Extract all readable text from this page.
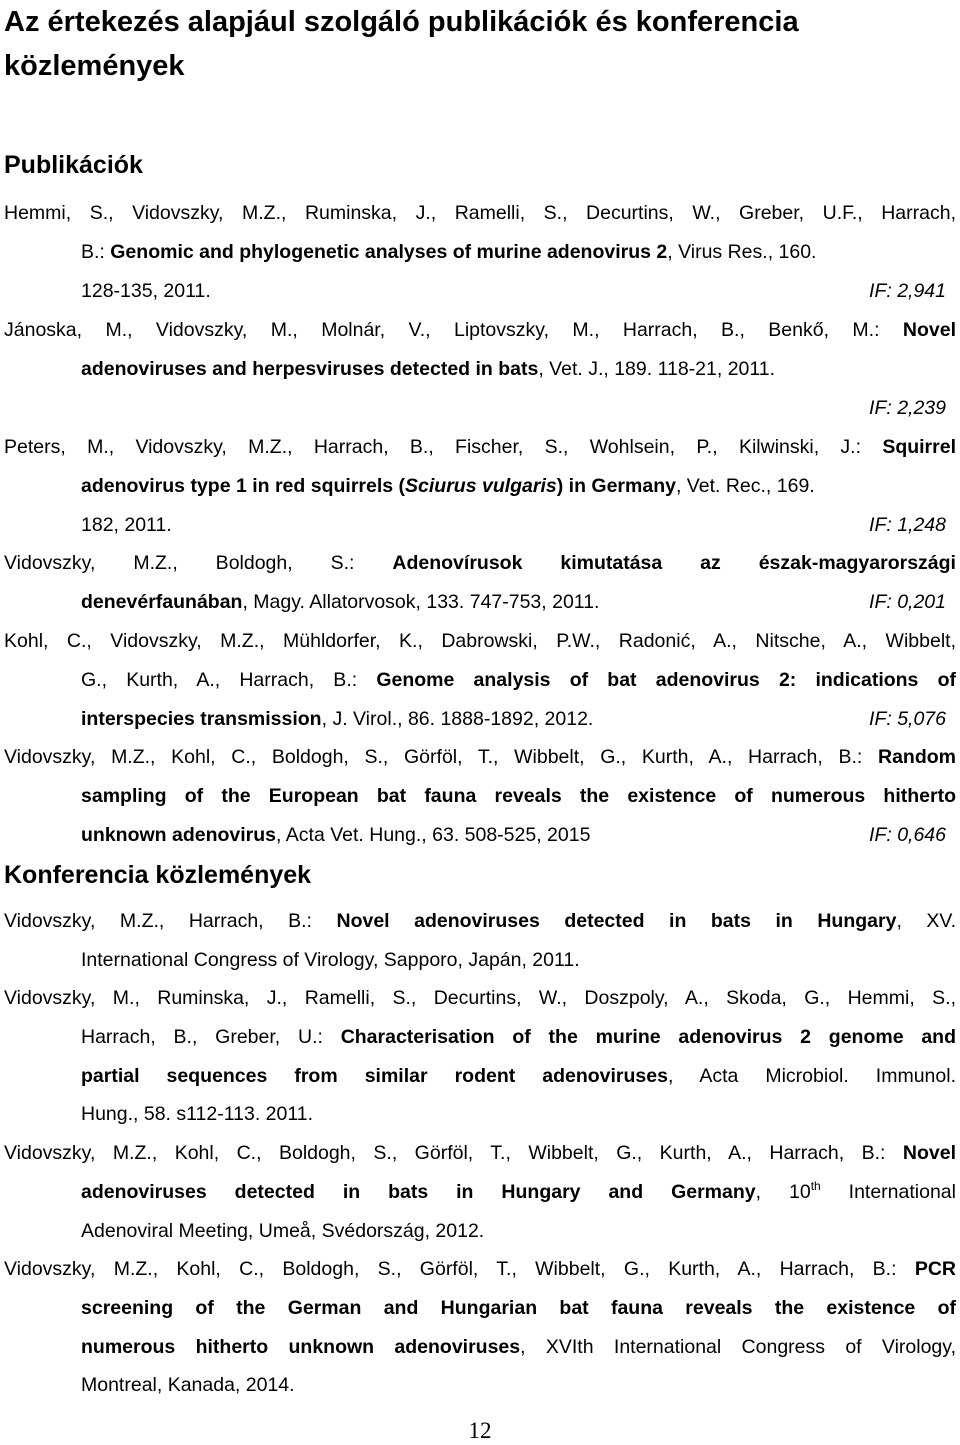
Az értekezés alapjául szolgáló publikációk és konferencia közlemények
Publikációk
Hemmi, S., Vidovszky, M.Z., Ruminska, J., Ramelli, S., Decurtins, W., Greber, U.F., Harrach,
B.: Genomic and phylogenetic analyses of murine adenovirus 2, Virus Res., 160.
128-135, 2011.	IF: 2,941
Jánoska, M., Vidovszky, M., Molnár, V., Liptovszky, M., Harrach, B., Benkő, M.: Novel
adenoviruses and herpesviruses detected in bats, Vet. J., 189. 118-21, 2011.
IF: 2,239
Peters, M., Vidovszky, M.Z., Harrach, B., Fischer, S., Wohlsein, P., Kilwinski, J.: Squirrel
adenovirus type 1 in red squirrels (Sciurus vulgaris) in Germany, Vet. Rec., 169.
182, 2011.	IF: 1,248
Vidovszky, M.Z., Boldogh, S.: Adenovírusok kimutatása az észak-magyarországi
denevérfaunában, Magy. Allatorvosok, 133. 747-753, 2011.	IF: 0,201
Kohl, C., Vidovszky, M.Z., Mühldorfer, K., Dabrowski, P.W., Radonić, A., Nitsche, A., Wibbelt,
G., Kurth, A., Harrach, B.: Genome analysis of bat adenovirus 2: indications of
interspecies transmission, J. Virol., 86. 1888-1892, 2012.	IF: 5,076
Vidovszky, M.Z., Kohl, C., Boldogh, S., Görföl, T., Wibbelt, G., Kurth, A., Harrach, B.: Random
sampling of the European bat fauna reveals the existence of numerous hitherto
unknown adenovirus, Acta Vet. Hung., 63. 508-525, 2015	IF: 0,646
Konferencia közlemények
Vidovszky, M.Z., Harrach, B.: Novel adenoviruses detected in bats in Hungary, XV.
International Congress of Virology, Sapporo, Japán, 2011.
Vidovszky, M., Ruminska, J., Ramelli, S., Decurtins, W., Doszpoly, A., Skoda, G., Hemmi, S.,
Harrach, B., Greber, U.: Characterisation of the murine adenovirus 2 genome and
partial sequences from similar rodent adenoviruses, Acta Microbiol. Immunol.
Hung., 58. s112-113. 2011.
Vidovszky, M.Z., Kohl, C., Boldogh, S., Görföl, T., Wibbelt, G., Kurth, A., Harrach, B.: Novel
adenoviruses detected in bats in Hungary and Germany, 10th International
Adenoviral Meeting, Umeå, Svédország, 2012.
Vidovszky, M.Z., Kohl, C., Boldogh, S., Görföl, T., Wibbelt, G., Kurth, A., Harrach, B.: PCR
screening of the German and Hungarian bat fauna reveals the existence of
numerous hitherto unknown adenoviruses, XVIth International Congress of Virology,
Montreal, Kanada, 2014.
12
